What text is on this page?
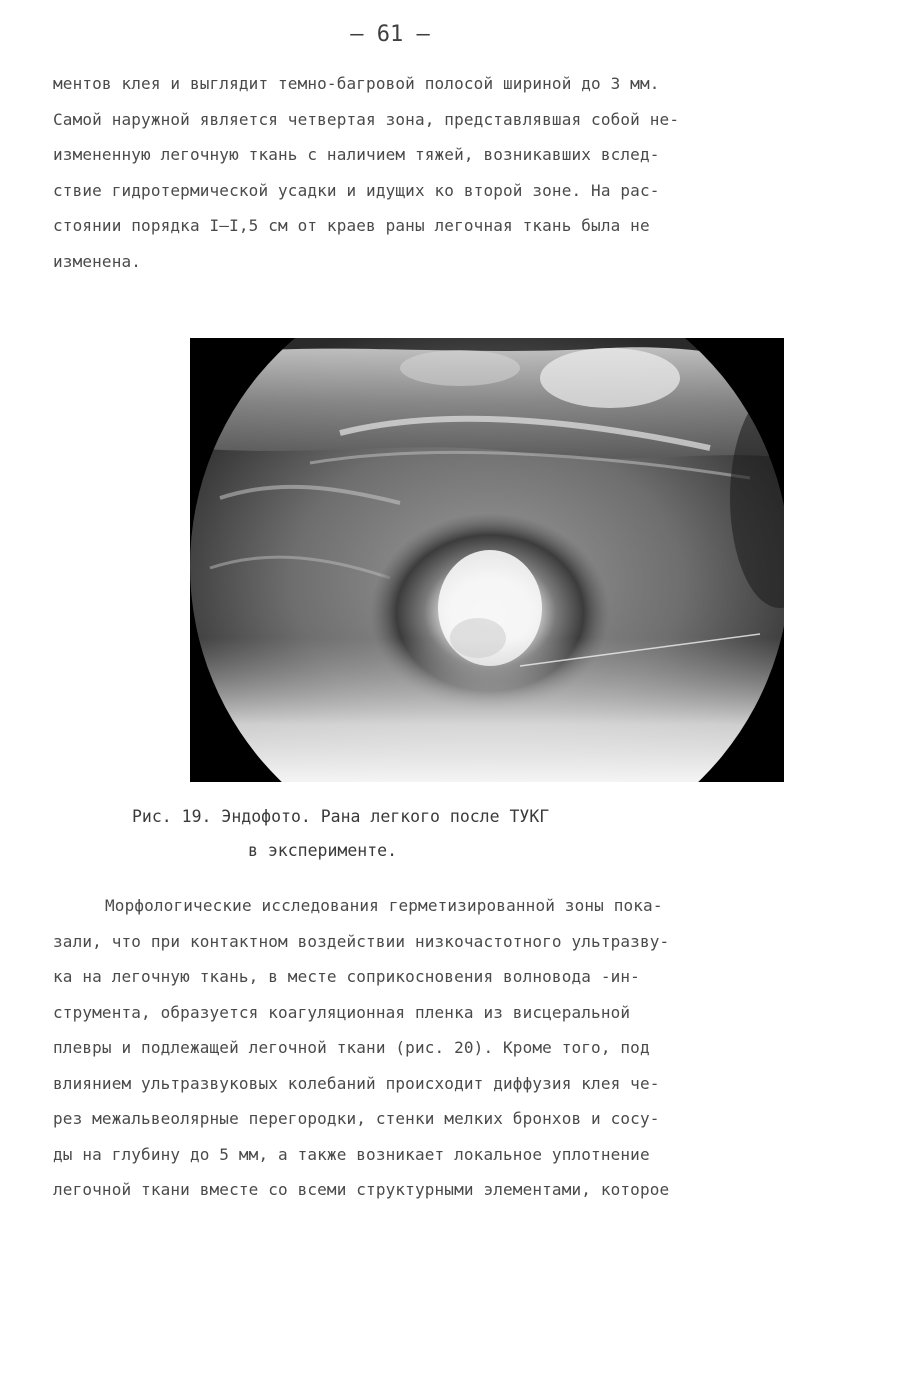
– 61 –
ментов клея и выглядит темно-багровой полосой шириной до 3 мм.
Самой наружной является четвертая зона, представлявшая собой не-
измененную легочную ткань с наличием тяжей, возникавших вслед-
ствие гидротермической усадки и идущих ко второй зоне. На рас-
стоянии порядка I–I,5 см от краев раны легочная ткань была не
изменена.
Рис. 19. Эндофото. Рана легкого после ТУКГ
в эксперименте.
Морфологические исследования герметизированной зоны пока-
зали, что при контактном воздействии низкочастотного ультразву-
ка на легочную ткань, в месте соприкосновения волновода -ин-
струмента, образуется коагуляционная пленка из висцеральной
плевры и подлежащей легочной ткани (рис. 20). Кроме того, под
влиянием ультразвуковых колебаний происходит диффузия клея че-
рез межальвеолярные перегородки, стенки мелких бронхов и сосу-
ды на глубину до 5 мм, а также возникает локальное уплотнение
легочной ткани вместе со всеми структурными элементами, которое
